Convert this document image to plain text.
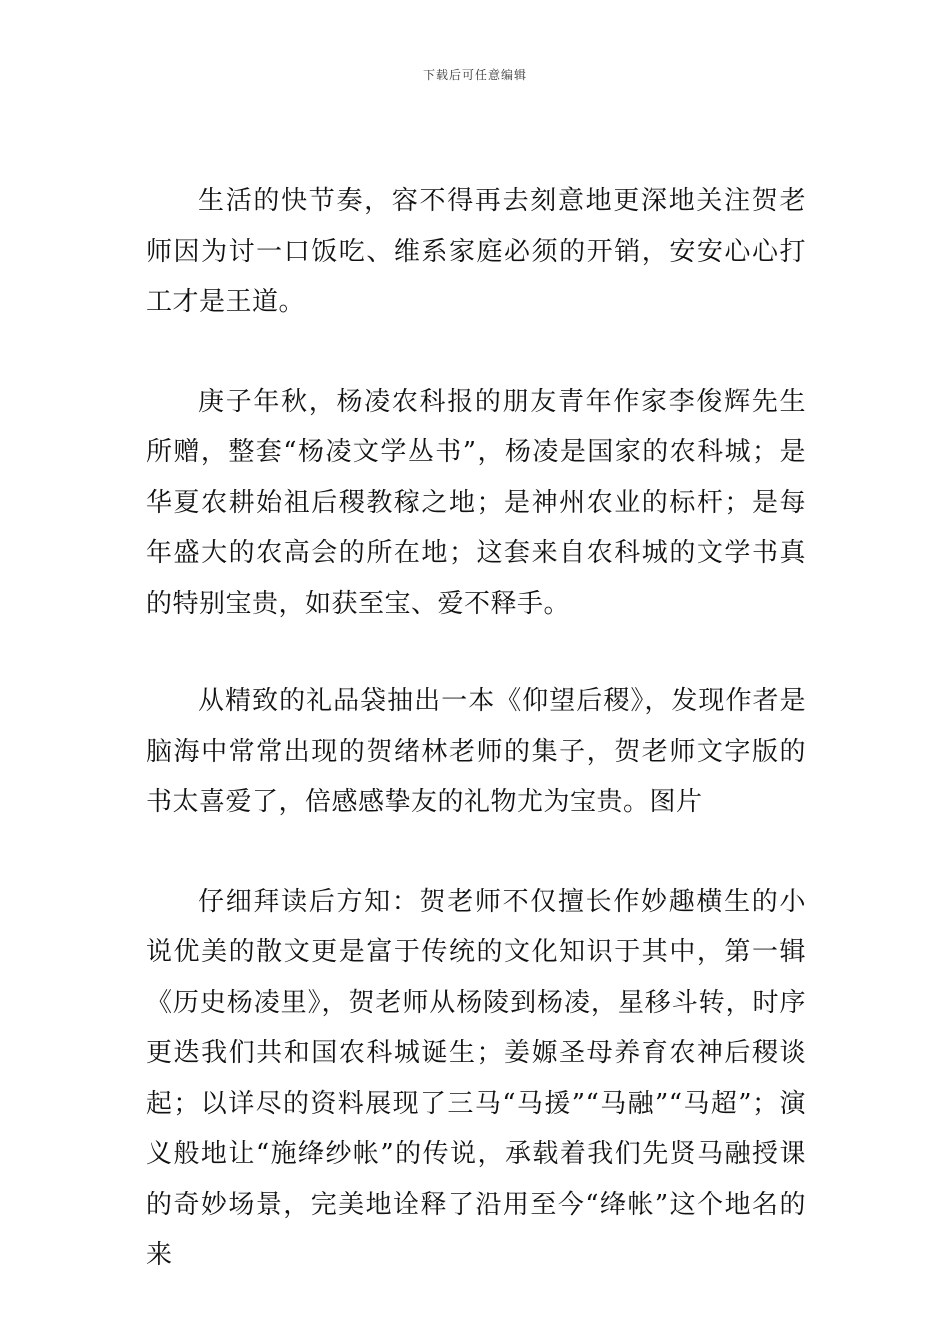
下载后可任意编辑

生活的快节奏，容不得再去刻意地更深地关注贺老师因为讨一口饭吃、维系家庭必须的开销，安安心心打工才是王道。

庚子年秋，杨凌农科报的朋友青年作家李俊辉先生所赠，整套“杨凌文学丛书”，杨凌是国家的农科城；是华夏农耕始祖后稷教稼之地；是神州农业的标杆；是每年盛大的农高会的所在地；这套来自农科城的文学书真的特别宝贵，如获至宝、爱不释手。

从精致的礼品袋抽出一本《仰望后稷》，发现作者是脑海中常常出现的贺绪林老师的集子，贺老师文字版的书太喜爱了，倍感感挚友的礼物尤为宝贵。图片

仔细拜读后方知：贺老师不仅擅长作妙趣横生的小说优美的散文更是富于传统的文化知识于其中，第一辑《历史杨凌里》，贺老师从杨陵到杨凌，星移斗转，时序更迭我们共和国农科城诞生；姜嫄圣母养育农神后稷谈起；以详尽的资料展现了三马“马援”“马融”“马超”；演义般地让“施绛纱帐”的传说，承载着我们先贤马融授课的奇妙场景，完美地诠释了沿用至今“绛帐”这个地名的来
